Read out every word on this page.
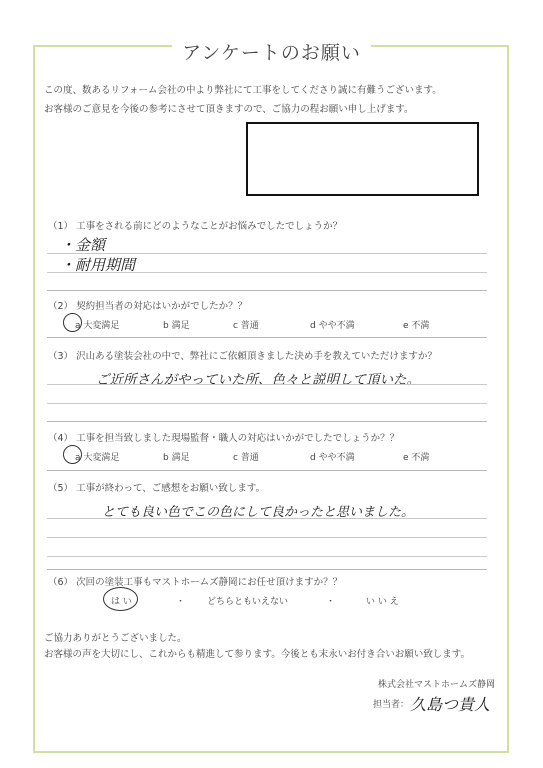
アンケートのお願い
この度、数あるリフォーム会社の中より弊社にて工事をしてくださり誠に有難うございます。
お客様のご意見を今後の参考にさせて頂きますので、ご協力の程お願い申し上げます。
（1） 工事をされる前にどのようなことがお悩みでしたでしょうか？
・金額
・耐用期間
（2） 契約担当者の対応はいかがでしたか？？
a 大変満足	b 満足	c 普通	d やや不満	e 不満
（3） 沢山ある塗装会社の中で、弊社にご依頼頂きました決め手を教えていただけますか？
ご近所さんがやっていた所、色々と説明して頂いた。
（4） 工事を担当致しました現場監督・職人の対応はいかがでしたでしょうか？？
a 大変満足	b 満足	c 普通	d やや不満	e 不満
（5） 工事が終わって、ご感想をお願い致します。
とても良い色でこの色にして良かったと思いました。
（6） 次回の塗装工事もマストホームズ静岡にお任せ頂けますか？？
は い	・ どちらともいえない	・	い い え
ご協力ありがとうございました。
お客様の声を大切にし、これからも精進して参ります。今後とも末永いお付き合いお願い致します。
株式会社マストホームズ静岡
担当者： 久島つ貴人
